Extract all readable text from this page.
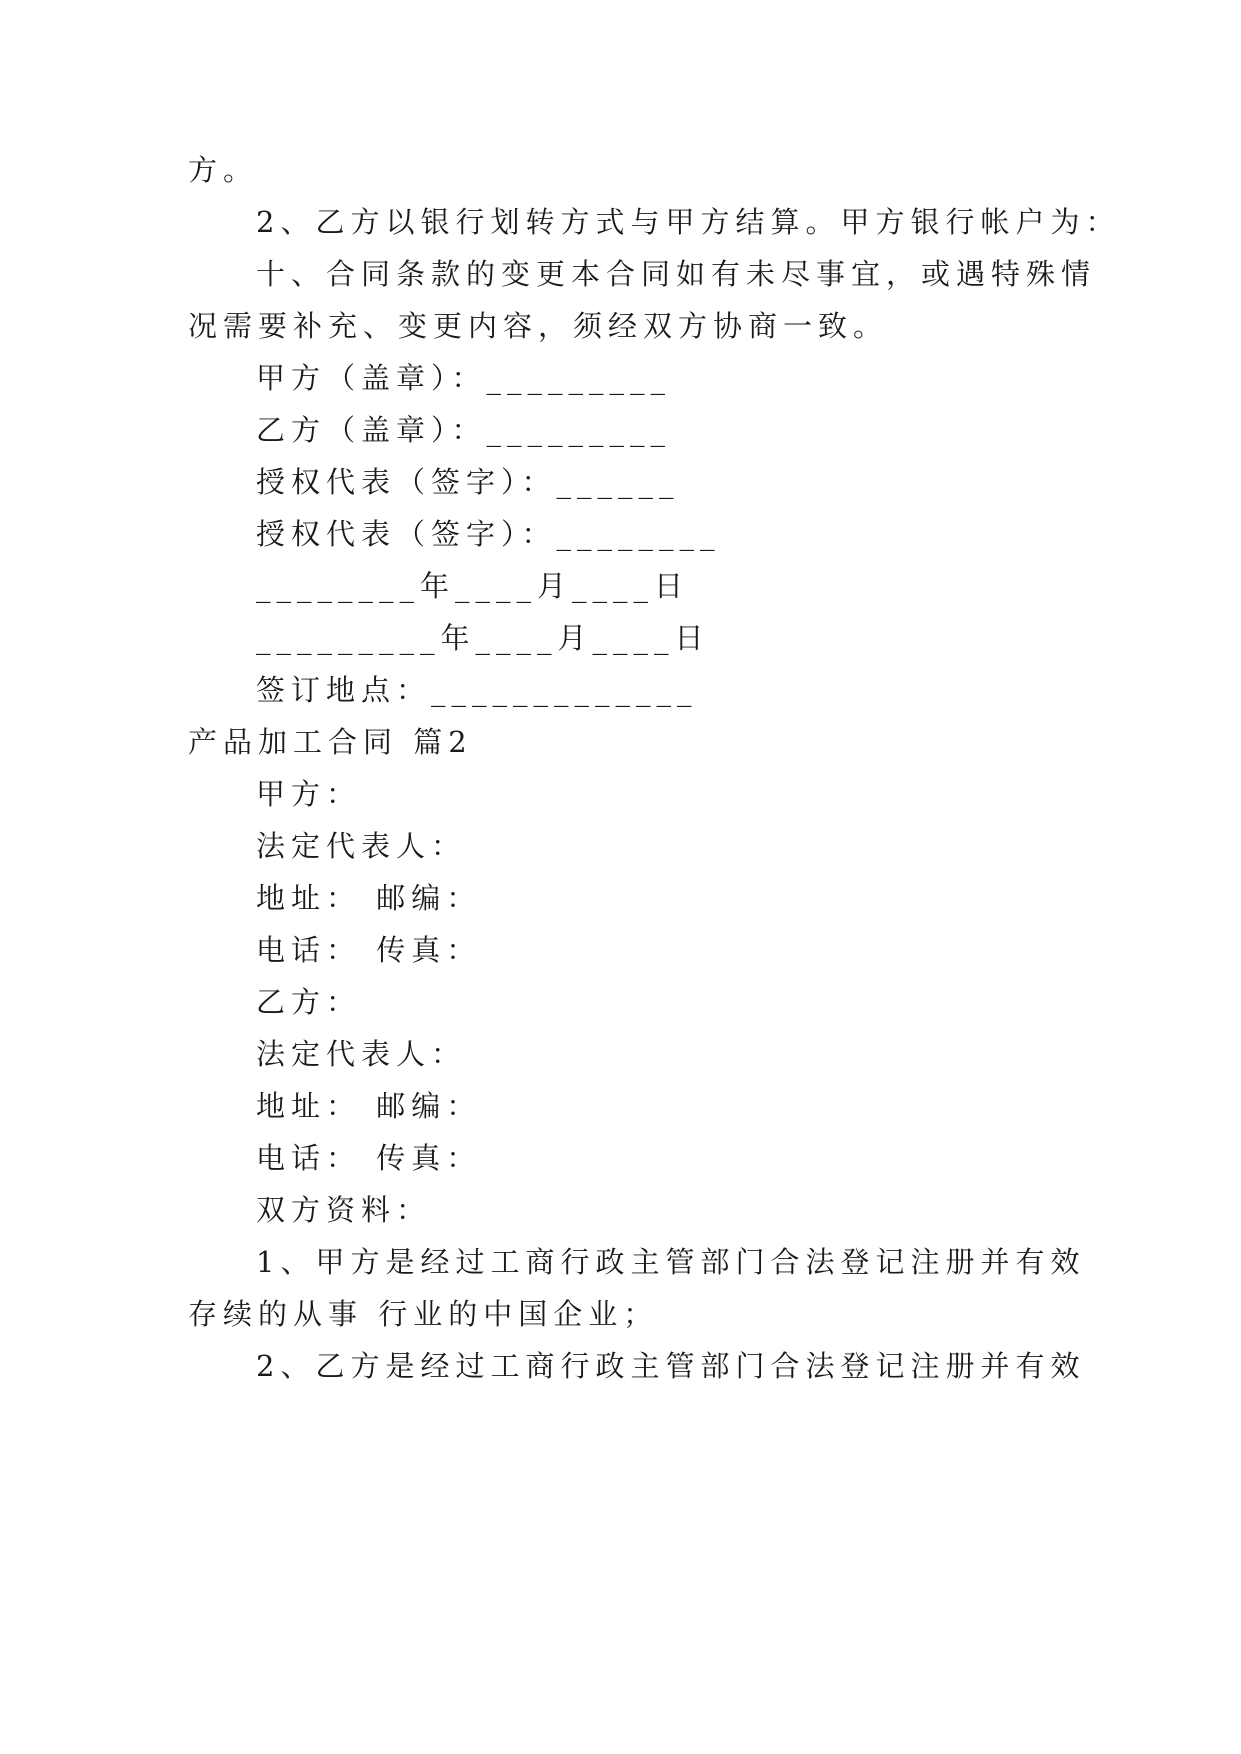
方。
2、乙方以银行划转方式与甲方结算。甲方银行帐户为：
十、合同条款的变更本合同如有未尽事宜，或遇特殊情
况需要补充、变更内容，须经双方协商一致。
甲方（盖章）：_________
乙方（盖章）：_________
授权代表（签字）：______
授权代表（签字）：________
________年____月____日
_________年____月____日
签订地点：_____________
产品加工合同 篇2
甲方：
法定代表人：
地址： 邮编：
电话： 传真：
乙方：
法定代表人：
地址： 邮编：
电话： 传真：
双方资料：
1、甲方是经过工商行政主管部门合法登记注册并有效
存续的从事 行业的中国企业；
2、乙方是经过工商行政主管部门合法登记注册并有效
